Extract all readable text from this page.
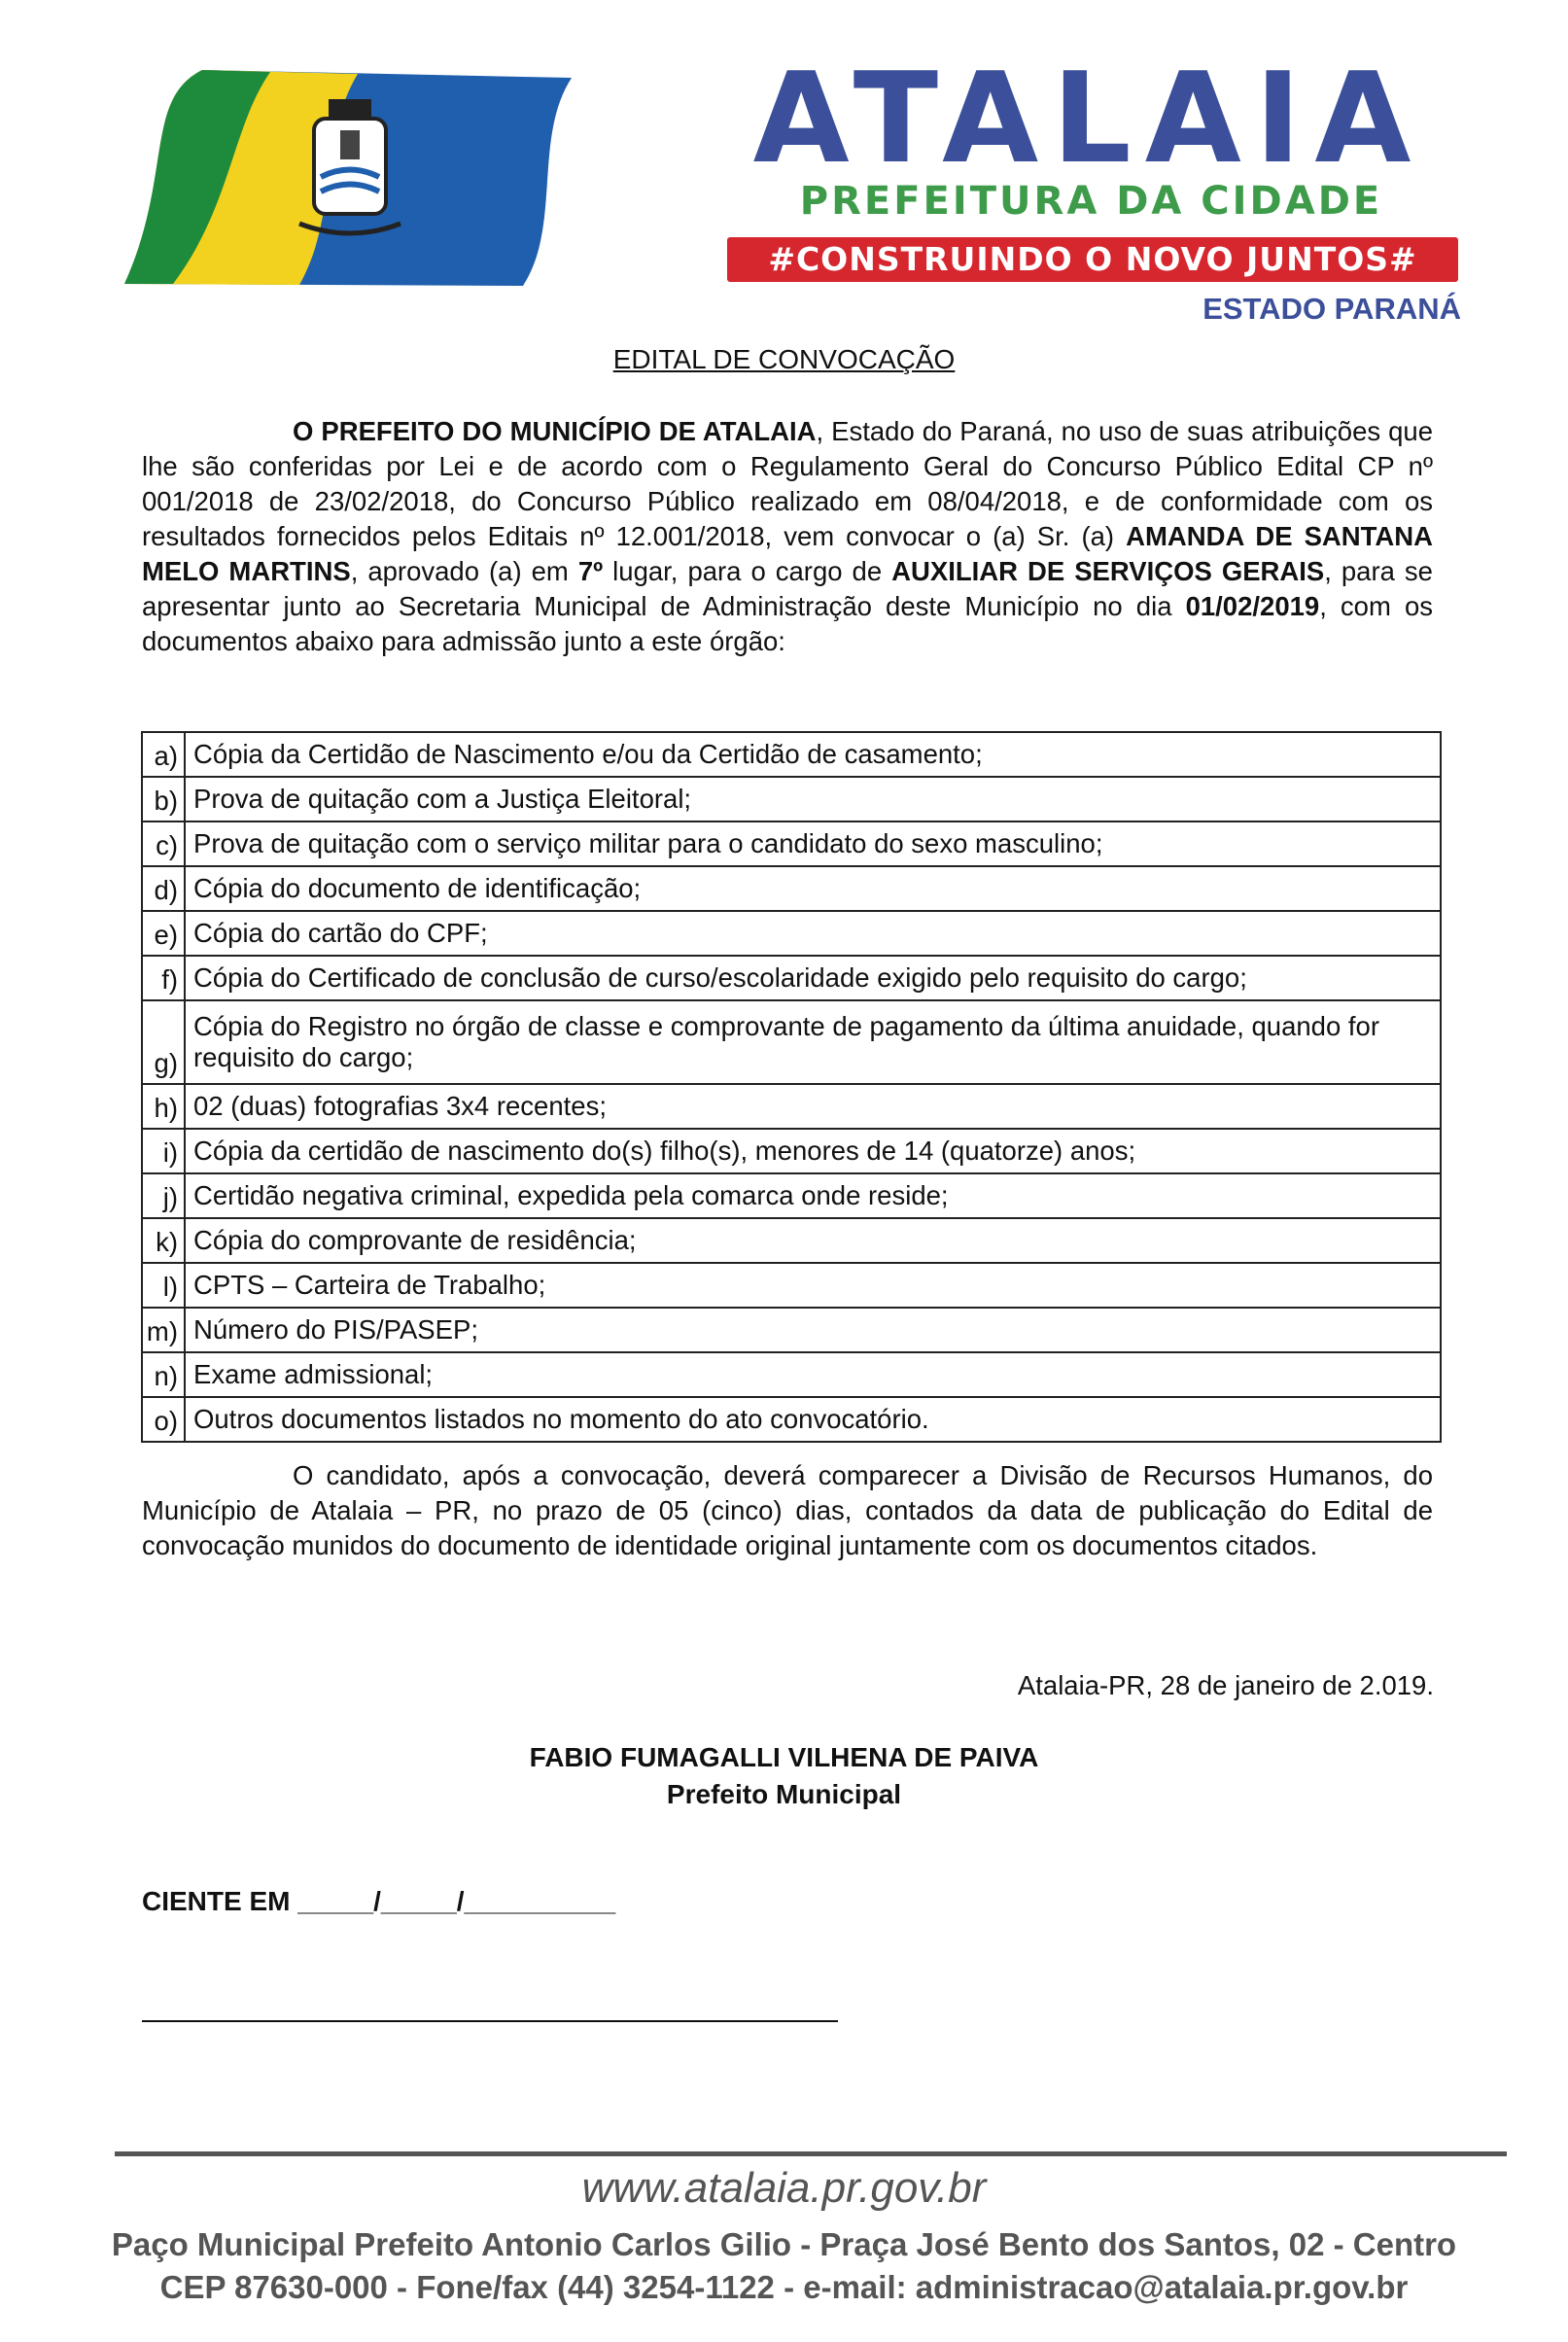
ATALAIA
PREFEITURA DA CIDADE
#CONSTRUINDO O NOVO JUNTOS#
ESTADO PARANÁ
EDITAL DE CONVOCAÇÃO
O PREFEITO DO MUNICÍPIO DE ATALAIA, Estado do Paraná, no uso de suas atribuições que lhe são conferidas por Lei e de acordo com o Regulamento Geral do Concurso Público Edital CP nº 001/2018 de 23/02/2018, do Concurso Público realizado em 08/04/2018, e de conformidade com os resultados fornecidos pelos Editais nº 12.001/2018, vem convocar o (a) Sr. (a) AMANDA DE SANTANA MELO MARTINS, aprovado (a) em 7º lugar, para o cargo de AUXILIAR DE SERVIÇOS GERAIS, para se apresentar junto ao Secretaria Municipal de Administração deste Município no dia 01/02/2019, com os documentos abaixo para admissão junto a este órgão:
a)	Cópia da Certidão de Nascimento e/ou da Certidão de casamento;
b)	Prova de quitação com a Justiça Eleitoral;
c)	Prova de quitação com o serviço militar para o candidato do sexo masculino;
d)	Cópia do documento de identificação;
e)	Cópia do cartão do CPF;
f)	Cópia do Certificado de conclusão de curso/escolaridade exigido pelo requisito do cargo;
g)	Cópia do Registro no órgão de classe e comprovante de pagamento da última anuidade, quando for requisito do cargo;
h)	02 (duas) fotografias 3x4 recentes;
i)	Cópia da certidão de nascimento do(s) filho(s), menores de 14 (quatorze) anos;
j)	Certidão negativa criminal, expedida pela comarca onde reside;
k)	Cópia do comprovante de residência;
l)	CPTS – Carteira de Trabalho;
m)	Número do PIS/PASEP;
n)	Exame admissional;
o)	Outros documentos listados no momento do ato convocatório.
O candidato, após a convocação, deverá comparecer a Divisão de Recursos Humanos, do Município de Atalaia – PR, no prazo de 05 (cinco) dias, contados da data de publicação do Edital de convocação munidos do documento de identidade original juntamente com os documentos citados.
Atalaia-PR, 28 de janeiro de 2.019.
FABIO FUMAGALLI VILHENA DE PAIVA
Prefeito Municipal
CIENTE EM _____/_____/__________
www.atalaia.pr.gov.br
Paço Municipal Prefeito Antonio Carlos Gilio - Praça José Bento dos Santos, 02 - Centro
CEP 87630-000 - Fone/fax (44) 3254-1122 - e-mail: administracao@atalaia.pr.gov.br
